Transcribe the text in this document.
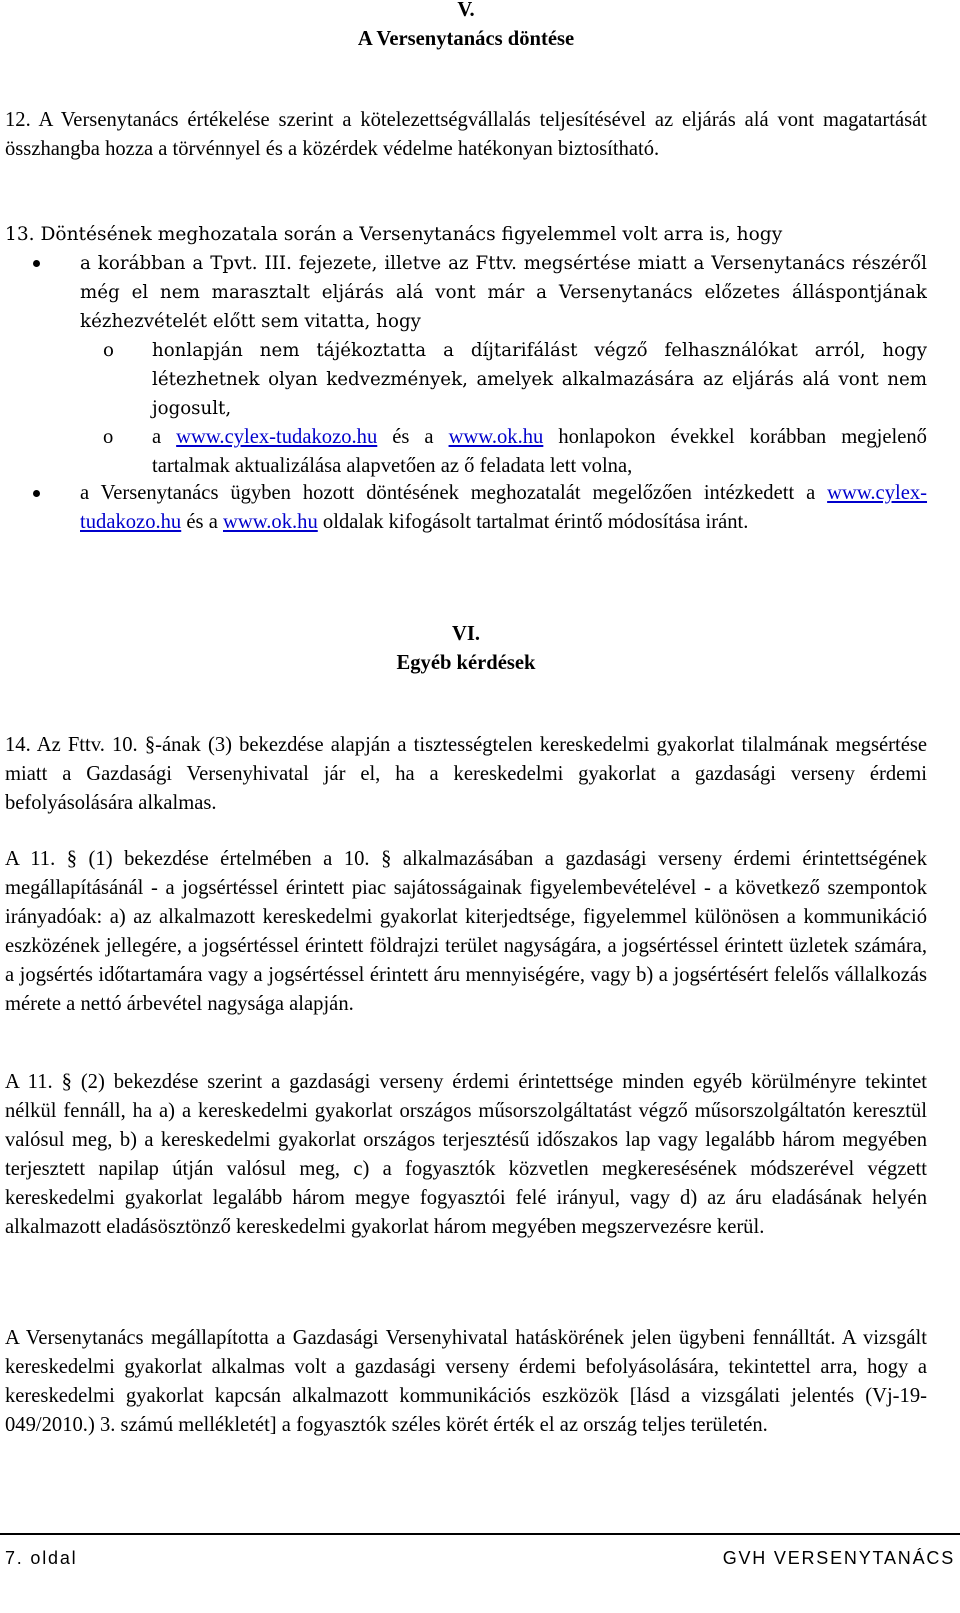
V.

A Versenytanács döntése

12. A Versenytanács értékelése szerint a kötelezettségvállalás teljesítésével az eljárás alá vont magatartását összhangba hozza a törvénnyel és a közérdek védelme hatékonyan biztosítható.

13. Döntésének meghozatala során a Versenytanács figyelemmel volt arra is, hogy

a korábban a Tpvt. III. fejezete, illetve az Fttv. megsértése miatt a Versenytanács részéről még el nem marasztalt eljárás alá vont már a Versenytanács előzetes álláspontjának kézhezvételét előtt sem vitatta, hogy

o honlapján nem tájékoztatta a díjtarifálást végző felhasználókat arról, hogy létezhetnek olyan kedvezmények, amelyek alkalmazására az eljárás alá vont nem jogosult,

o a www.cylex-tudakozo.hu és a www.ok.hu honlapokon évekkel korábban megjelenő tartalmak aktualizálása alapvetően az ő feladata lett volna,

a Versenytanács ügyben hozott döntésének meghozatalát megelőzően intézkedett a www.cylex-tudakozo.hu és a www.ok.hu oldalak kifogásolt tartalmat érintő módosítása iránt.

VI.

Egyéb kérdések

14. Az Fttv. 10. §-ának (3) bekezdése alapján a tisztességtelen kereskedelmi gyakorlat tilalmának megsértése miatt a Gazdasági Versenyhivatal jár el, ha a kereskedelmi gyakorlat a gazdasági verseny érdemi befolyásolására alkalmas.

A 11. § (1) bekezdése értelmében a 10. § alkalmazásában a gazdasági verseny érdemi érintettségének megállapításánál - a jogsértéssel érintett piac sajátosságainak figyelembevételével - a következő szempontok irányadóak: a) az alkalmazott kereskedelmi gyakorlat kiterjedtsége, figyelemmel különösen a kommunikáció eszközének jellegére, a jogsértéssel érintett földrajzi terület nagyságára, a jogsértéssel érintett üzletek számára, a jogsértés időtartamára vagy a jogsértéssel érintett áru mennyiségére, vagy b) a jogsértésért felelős vállalkozás mérete a nettó árbevétel nagysága alapján.

A 11. § (2) bekezdése szerint a gazdasági verseny érdemi érintettsége minden egyéb körülményre tekintet nélkül fennáll, ha a) a kereskedelmi gyakorlat országos műsorszolgáltatást végző műsorszolgáltatón keresztül valósul meg, b) a kereskedelmi gyakorlat országos terjesztésű időszakos lap vagy legalább három megyében terjesztett napilap útján valósul meg, c) a fogyasztók közvetlen megkeresésének módszerével végzett kereskedelmi gyakorlat legalább három megye fogyasztói felé irányul, vagy d) az áru eladásának helyén alkalmazott eladásösztönző kereskedelmi gyakorlat három megyében megszervezésre kerül.

A Versenytanács megállapította a Gazdasági Versenyhivatal hatáskörének jelen ügybeni fennálltát. A vizsgált kereskedelmi gyakorlat alkalmas volt a gazdasági verseny érdemi befolyásolására, tekintettel arra, hogy a kereskedelmi gyakorlat kapcsán alkalmazott kommunikációs eszközök [lásd a vizsgálati jelentés (Vj-19-049/2010.) 3. számú mellékletét] a fogyasztók széles körét érték el az ország teljes területén.

7. oldal	GVH VERSENYTANÁCS
